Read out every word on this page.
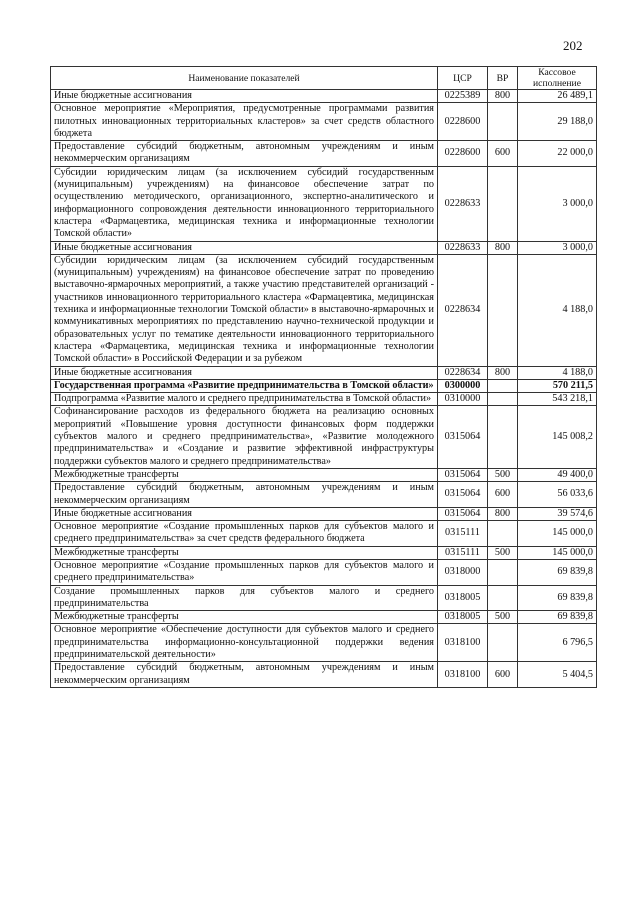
202
Наименование показателей	ЦСР	ВР	Кассовое исполнение
Иные бюджетные ассигнования	0225389	800	26 489,1
Основное мероприятие «Мероприятия, предусмотренные программами развития пилотных инновационных территориальных кластеров» за счет средств областного бюджета	0228600		29 188,0
Предоставление субсидий бюджетным, автономным учреждениям и иным некоммерческим организациям	0228600	600	22 000,0
Субсидии юридическим лицам (за исключением субсидий государственным (муниципальным) учреждениям) на финансовое обеспечение затрат по осуществлению методического, организационного, экспертно-аналитического и информационного сопровождения деятельности инновационного территориального кластера «Фармацевтика, медицинская техника и информационные технологии Томской области»	0228633		3 000,0
Иные бюджетные ассигнования	0228633	800	3 000,0
Субсидии юридическим лицам (за исключением субсидий государственным (муниципальным) учреждениям) на финансовое обеспечение затрат по проведению выставочно-ярмарочных мероприятий, а также участию представителей организаций - участников инновационного территориального кластера «Фармацевтика, медицинская техника и информационные технологии Томской области» в выставочно-ярмарочных и коммуникативных мероприятиях по представлению научно-технической продукции и образовательных услуг по тематике деятельности инновационного территориального кластера «Фармацевтика, медицинская техника и информационные технологии Томской области» в Российской Федерации и за рубежом	0228634		4 188,0
Иные бюджетные ассигнования	0228634	800	4 188,0
Государственная программа «Развитие предпринимательства в Томской области»	0300000		570 211,5
Подпрограмма «Развитие малого и среднего предпринимательства в Томской области»	0310000		543 218,1
Софинансирование расходов из федерального бюджета на реализацию основных мероприятий «Повышение уровня доступности финансовых форм поддержки субъектов малого и среднего предпринимательства», «Развитие молодежного предпринимательства» и «Создание и развитие эффективной инфраструктуры поддержки субъектов малого и среднего предпринимательства»	0315064		145 008,2
Межбюджетные трансферты	0315064	500	49 400,0
Предоставление субсидий бюджетным, автономным учреждениям и иным некоммерческим организациям	0315064	600	56 033,6
Иные бюджетные ассигнования	0315064	800	39 574,6
Основное мероприятие «Создание промышленных парков для субъектов малого и среднего предпринимательства» за счет средств федерального бюджета	0315111		145 000,0
Межбюджетные трансферты	0315111	500	145 000,0
Основное мероприятие «Создание промышленных парков для субъектов малого и среднего предпринимательства»	0318000		69 839,8
Создание промышленных парков для субъектов малого и среднего предпринимательства	0318005		69 839,8
Межбюджетные трансферты	0318005	500	69 839,8
Основное мероприятие «Обеспечение доступности для субъектов малого и среднего предпринимательства информационно-консультационной поддержки ведения предпринимательской деятельности»	0318100		6 796,5
Предоставление субсидий бюджетным, автономным учреждениям и иным некоммерческим организациям	0318100	600	5 404,5
